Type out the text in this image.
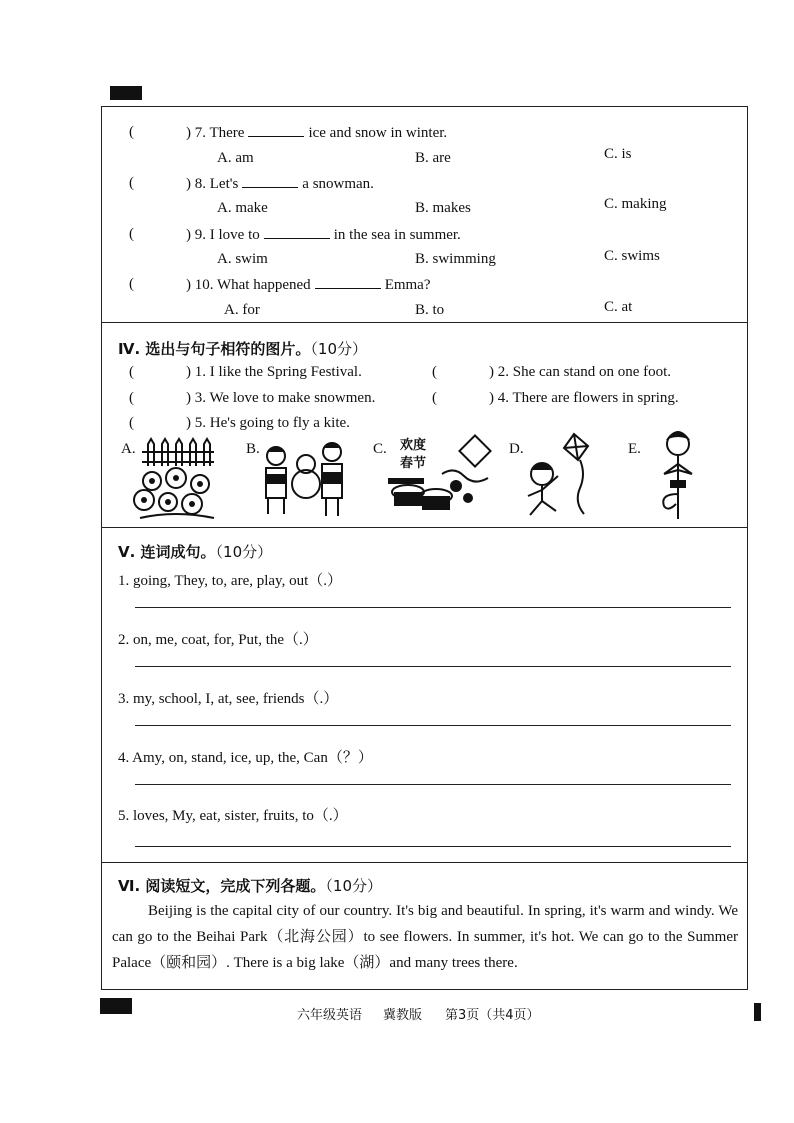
(	) 7. There	ice and snow in winter.
A. am	B. are	C. is
(	) 8. Let's	a snowman.
A. make	B. makes	C. making
(	) 9. I love to	in the sea in summer.
A. swim	B. swimming	C. swims
(	) 10. What happened	Emma?
A. for	B. to	C. at
Ⅳ. 选出与句子相符的图片。（10分）
(	) 1. I like the Spring Festival.	(	) 2. She can stand on one foot.
(	) 3. We love to make snowmen.	(	) 4. There are flowers in spring.
(	) 5. He's going to fly a kite.
A.	B.	C. 欢度
春节
D.	E.
Ⅴ. 连词成句。（10分）
1. going, They, to, are, play, out（.）
2. on, me, coat, for, Put, the（.）
3. my, school, I, at, see, friends（.）
4. Amy, on, stand, ice, up, the, Can（？）
5. loves, My, eat, sister, fruits, to（.）
Ⅵ. 阅读短文，完成下列各题。（10分）
Beijing is the capital city of our country. It's big and beautiful. In spring, it's warm and windy. We can go to the Beihai Park（北海公园）to see flowers. In summer, it's hot. We can go to the Summer Palace（颐和园）. There is a big lake（湖）and many trees there.
六年级英语 冀教版 第3页（共4页）
